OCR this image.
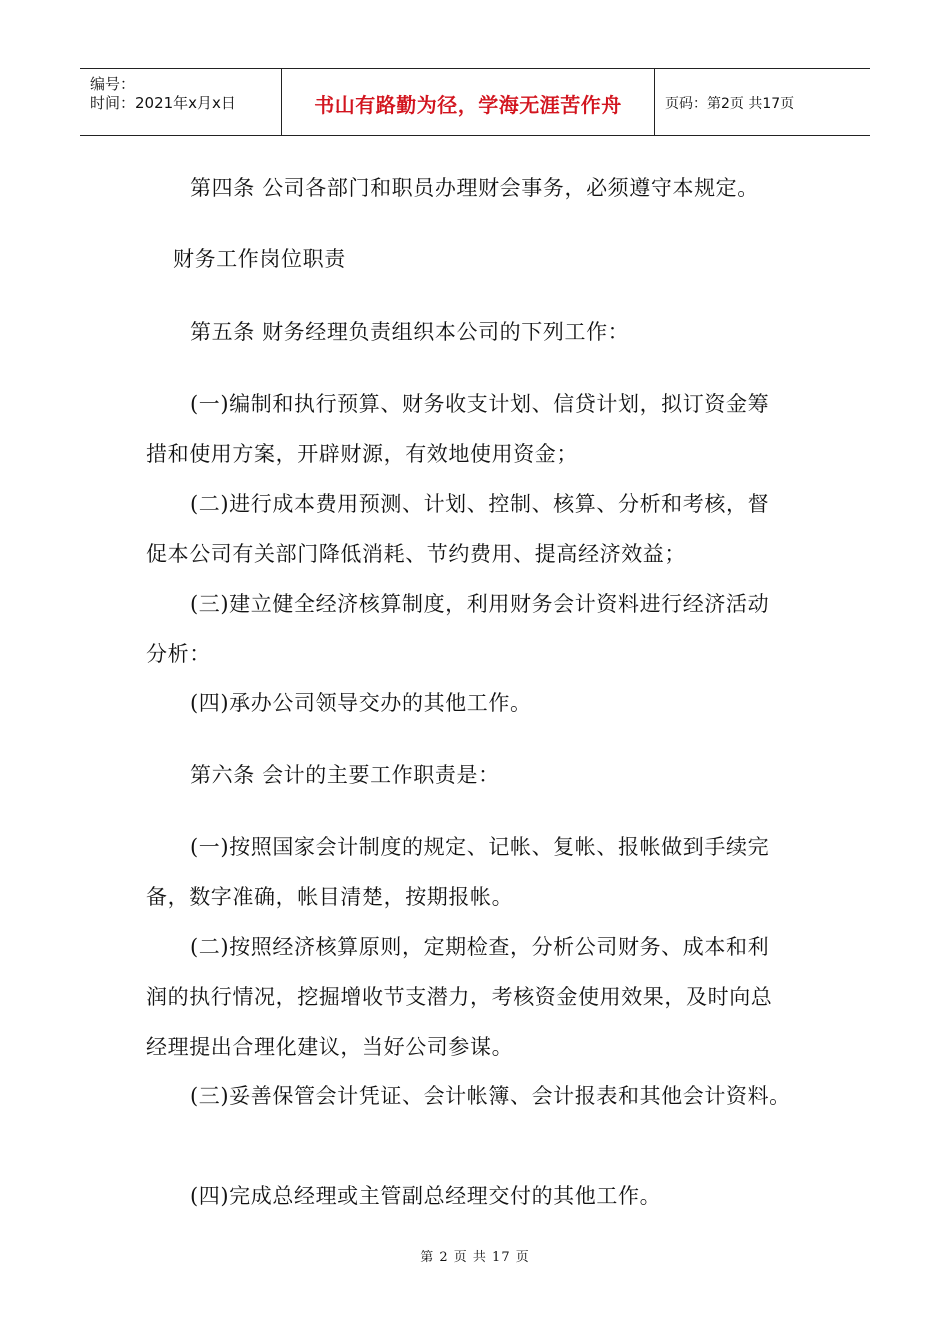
编号：
时间：2021年x月x日	书山有路勤为径，学海无涯苦作舟	页码：第2页 共17页
第四条 公司各部门和职员办理财会事务，必须遵守本规定。
财务工作岗位职责
第五条 财务经理负责组织本公司的下列工作：
(一)编制和执行预算、财务收支计划、信贷计划，拟订资金筹
措和使用方案，开辟财源，有效地使用资金；
(二)进行成本费用预测、计划、控制、核算、分析和考核，督
促本公司有关部门降低消耗、节约费用、提高经济效益；
(三)建立健全经济核算制度，利用财务会计资料进行经济活动
分析：
(四)承办公司领导交办的其他工作。
第六条 会计的主要工作职责是：
(一)按照国家会计制度的规定、记帐、复帐、报帐做到手续完
备，数字准确，帐目清楚，按期报帐。
(二)按照经济核算原则，定期检查，分析公司财务、成本和利
润的执行情况，挖掘增收节支潜力，考核资金使用效果，及时向总
经理提出合理化建议，当好公司参谋。
(三)妥善保管会计凭证、会计帐簿、会计报表和其他会计资料。
(四)完成总经理或主管副总经理交付的其他工作。
第 2 页 共 17 页
